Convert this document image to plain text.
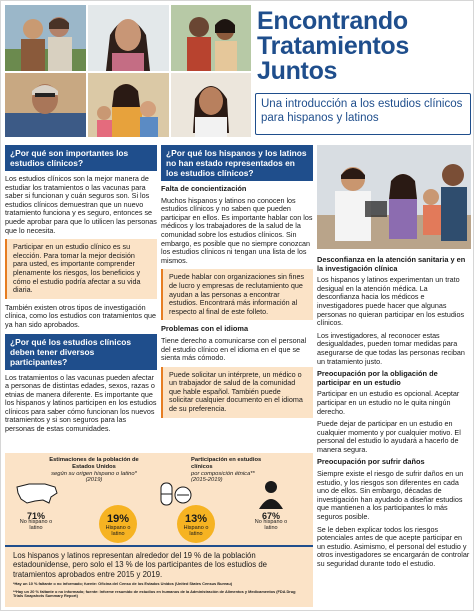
Encontrando
Tratamientos
Juntos
Una introducción a los estudios clínicos para hispanos y latinos
¿Por qué son importantes los estudios clínicos?

Los estudios clínicos son la mejor manera de estudiar los tratamientos o las vacunas para saber si funcionan y cuán seguros son. Si los estudios clínicos demuestran que un nuevo tratamiento funciona y es seguro, entonces se puede aprobar para que lo utilicen las personas que lo necesita.

Participar en un estudio clínico es su elección. Para tomar la mejor decisión para usted, es importante comprender plenamente los riesgos, los beneficios y cómo el estudio podría afectar a su vida diaria.

También existen otros tipos de investigación clínica, como los estudios con tratamientos que ya han sido aprobados.

¿Por qué los estudios clínicos deben tener diversos participantes?

Los tratamientos o las vacunas pueden afectar a personas de distintas edades, sexos, razas o etnias de manera diferente. Es importante que los hispanos y latinos participen en los estudios clínicos para saber cómo funcionan los nuevos tratamientos y si son seguros para las personas de estas comunidades.

¿Por qué los hispanos y los latinos no han estado representados en los estudios clínicos?
Falta de concientización

Muchos hispanos y latinos no conocen los estudios clínicos y no saben que pueden participar en ellos. Es importante hablar con los médicos y los trabajadores de la salud de la comunidad sobre los estudios clínicos. Sin embargo, es posible que no siempre conozcan los estudios clínicos ni tengan una lista de los mismos.

Puede hablar con organizaciones sin fines de lucro y empresas de reclutamiento que ayudan a las personas a encontrar estudios. Encontrará más información al respecto al final de este folleto.
Problemas con el idioma

Tiene derecho a comunicarse con el personal del estudio clínico en el idioma en el que se sienta más cómodo.

Puede solicitar un intérprete, un médico o un trabajador de salud de la comunidad que hable español. También puede solicitar cualquier documento en el idioma de su preferencia.
Desconfianza en la atención sanitaria y en la investigación clínica

Los hispanos y latinos experimentan un trato desigual en la atención médica. La desconfianza hacia los médicos e investigadores puede hacer que algunas personas no quieran participar en los estudios clínicos.

Los investigadores, al reconocer estas desigualdades, pueden tomar medidas para asegurarse de que todas las personas reciban un tratamiento justo.

Preocupación por la obligación de participar en un estudio

Participar en un estudio es opcional. Aceptar participar en un estudio no le quita ningún derecho.

Puede dejar de participar en un estudio en cualquier momento y por cualquier motivo. El personal del estudio lo ayudará a hacerlo de manera segura.

Preocupación por sufrir daños

Siempre existe el riesgo de sufrir daños en un estudio, y los riesgos son diferentes en cada uno de ellos. Sin embargo, décadas de investigación han ayudado a diseñar estudios que mantienen a los participantes lo más seguros posible.

Se le deben explicar todos los riesgos potenciales antes de que acepte participar en un estudio. Asimismo, el personal del estudio y otros investigadores se encargarán de controlar su seguridad durante todo el estudio.

Estimaciones de la población de Estados Unidos
según su origen hispano o latino* (2019)
Participación en estudios clínicos
por composición étnica** (2015-2019)
71%
No hispano o latino
19%
Hispano o latino
13%
Hispano o latino
67%
No hispano o latino
Los hispanos y latinos representan alrededor del 19 % de la población estadounidense, pero solo el 13 % de los participantes de los estudios de tratamientos aprobados entre 2015 y 2019.
*Hay un 10 % faltante o no informado; fuente: Oficina del Censo de los Estados Unidos (United States Census Bureau)
**Hay un 20 % faltante o no informado; fuente: Informe resumido de estudios en humanos de la Administración de Alimentos y Medicamentos (FDA Drug Trials Snapshots Summary Report)
